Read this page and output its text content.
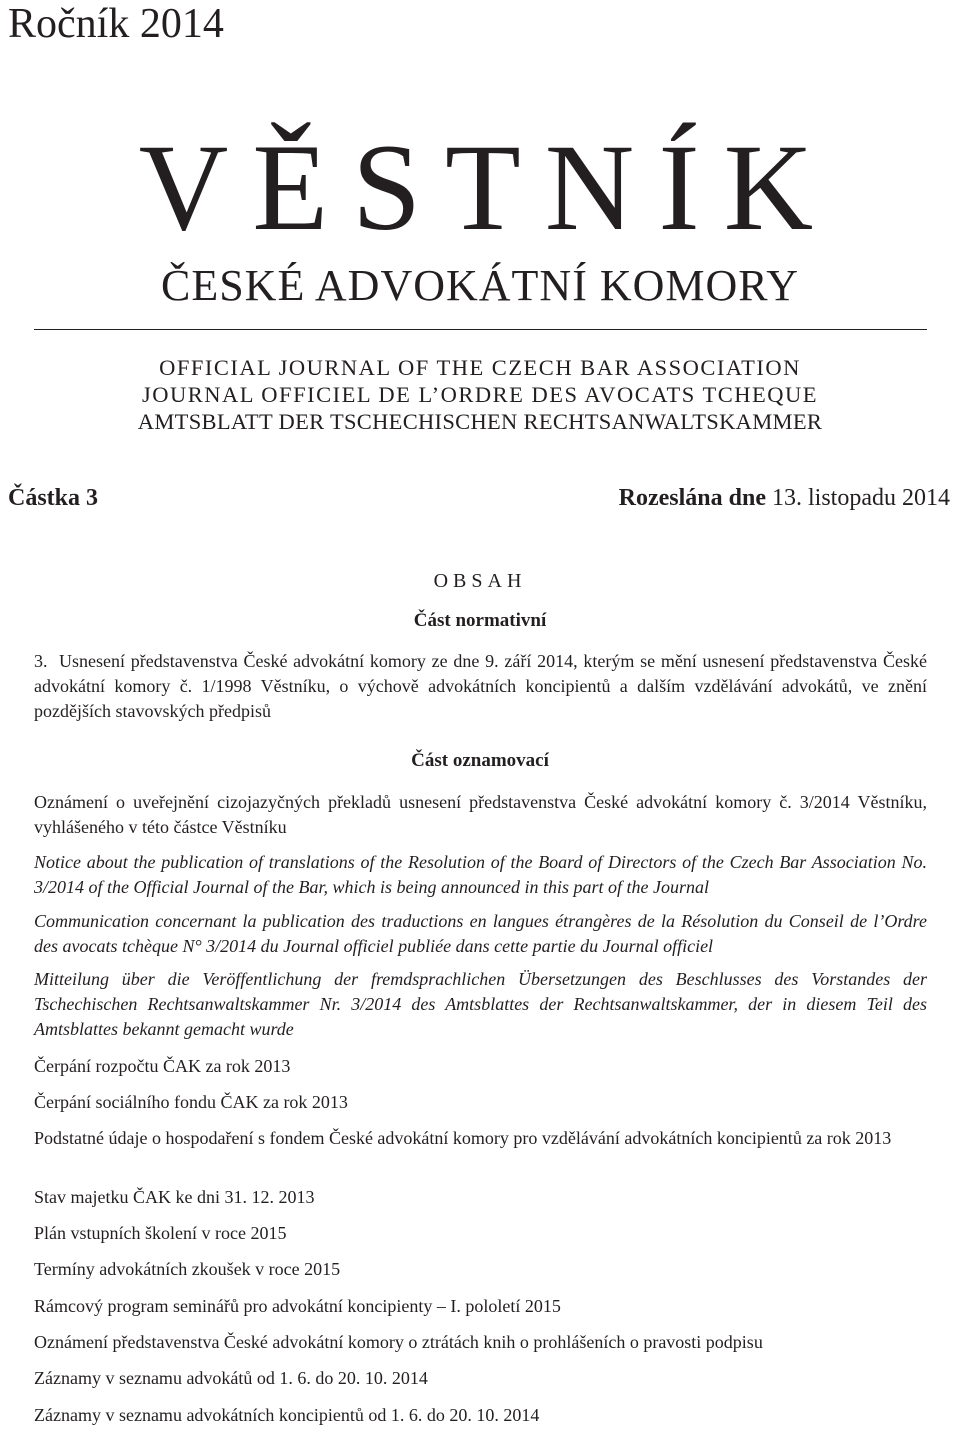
Ročník 2014
VĚSTNÍK
ČESKÉ ADVOKÁTNÍ KOMORY
OFFICIAL JOURNAL OF THE CZECH BAR ASSOCIATION
JOURNAL OFFICIEL DE L’ORDRE DES AVOCATS TCHEQUE
AMTSBLATT DER TSCHECHISCHEN RECHTSANWALTSKAMMER
Částka 3	Rozeslána dne 13. listopadu 2014
OBSAH
Část normativní
3. Usnesení představenstva České advokátní komory ze dne 9. září 2014, kterým se mění usnesení představenstva České advokátní komory č. 1/1998 Věstníku, o výchově advokátních koncipientů a dalším vzdělávání advokátů, ve znění pozdějších stavovských předpisů
Část oznamovací
Oznámení o uveřejnění cizojazyčných překladů usnesení představenstva České advokátní komory č. 3/2014 Věstníku, vyhlášeného v této částce Věstníku
Notice about the publication of translations of the Resolution of the Board of Directors of the Czech Bar Association No. 3/2014 of the Official Journal of the Bar, which is being announced in this part of the Journal
Communication concernant la publication des traductions en langues étrangères de la Résolution du Conseil de l’Ordre des avocats tchèque N° 3/2014 du Journal officiel publiée dans cette partie du Journal officiel
Mitteilung über die Veröffentlichung der fremdsprachlichen Übersetzungen des Beschlusses des Vorstandes der Tschechischen Rechtsanwaltskammer Nr. 3/2014 des Amtsblattes der Rechtsanwaltskammer, der in diesem Teil des Amtsblattes bekannt gemacht wurde
Čerpání rozpočtu ČAK za rok 2013
Čerpání sociálního fondu ČAK za rok 2013
Podstatné údaje o hospodaření s fondem České advokátní komory pro vzdělávání advokátních koncipientů za rok 2013
Stav majetku ČAK ke dni 31. 12. 2013
Plán vstupních školení v roce 2015
Termíny advokátních zkoušek v roce 2015
Rámcový program seminářů pro advokátní koncipienty – I. pololetí 2015
Oznámení představenstva České advokátní komory o ztrátách knih o prohlášeních o pravosti podpisu
Záznamy v seznamu advokátů od 1. 6. do 20. 10. 2014
Záznamy v seznamu advokátních koncipientů od 1. 6. do 20. 10. 2014
